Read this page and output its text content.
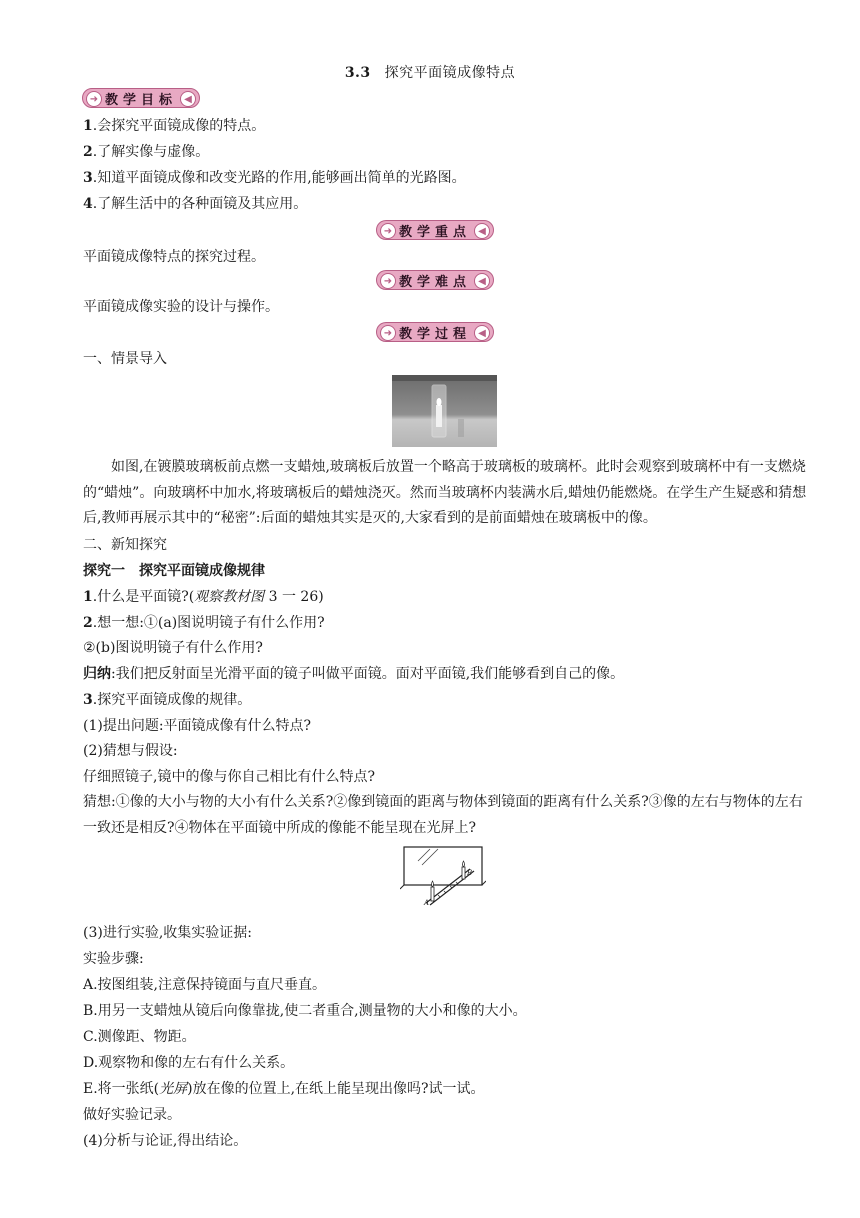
3.3 探究平面镜成像特点
➜ 教学目标 ◀
1.会探究平面镜成像的特点。
2.了解实像与虚像。
3.知道平面镜成像和改变光路的作用,能够画出简单的光路图。
4.了解生活中的各种面镜及其应用。
➜ 教学重点 ◀
平面镜成像特点的探究过程。
➜ 教学难点 ◀
平面镜成像实验的设计与操作。
➜ 教学过程 ◀
一、情景导入
如图,在镀膜玻璃板前点燃一支蜡烛,玻璃板后放置一个略高于玻璃板的玻璃杯。此时会观察到玻璃杯中有一支燃烧的“蜡烛”。向玻璃杯中加水,将玻璃板后的蜡烛浇灭。然而当玻璃杯内装满水后,蜡烛仍能燃烧。在学生产生疑惑和猜想后,教师再展示其中的“秘密”:后面的蜡烛其实是灭的,大家看到的是前面蜡烛在玻璃板中的像。
二、新知探究
探究一　探究平面镜成像规律
1.什么是平面镜?(观察教材图 3 一 26)
2.想一想:①(a)图说明镜子有什么作用?
②(b)图说明镜子有什么作用?
归纳:我们把反射面呈光滑平面的镜子叫做平面镜。面对平面镜,我们能够看到自己的像。
3.探究平面镜成像的规律。
(1)提出问题:平面镜成像有什么特点?
(2)猜想与假设:
仔细照镜子,镜中的像与你自己相比有什么特点?
猜想:①像的大小与物的大小有什么关系?②像到镜面的距离与物体到镜面的距离有什么关系?③像的左右与物体的左右一致还是相反?④物体在平面镜中所成的像能不能呈现在光屏上?
A
B
(3)进行实验,收集实验证据:
实验步骤:
A.按图组装,注意保持镜面与直尺垂直。
B.用另一支蜡烛从镜后向像靠拢,使二者重合,测量物的大小和像的大小。
C.测像距、物距。
D.观察物和像的左右有什么关系。
E.将一张纸(光屏)放在像的位置上,在纸上能呈现出像吗?试一试。
做好实验记录。
(4)分析与论证,得出结论。
